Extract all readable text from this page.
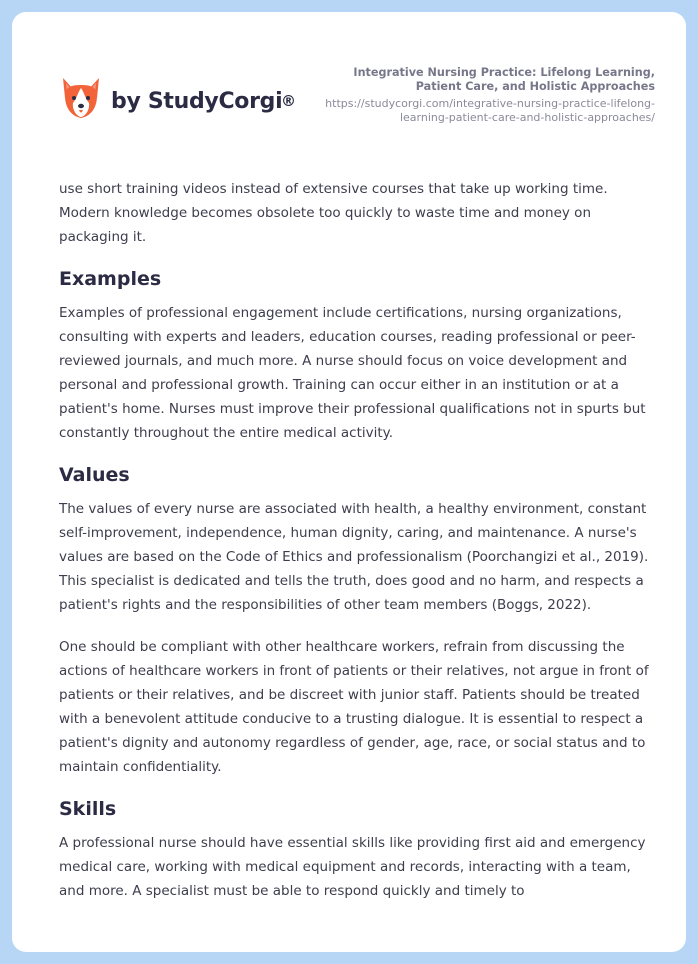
by StudyCorgi
®
Integrative Nursing Practice: Lifelong Learning, Patient Care, and Holistic Approaches
https://studycorgi.com/integrative-nursing-practice-lifelong-learning-patient-care-and-holistic-approaches/

use short training videos instead of extensive courses that take up working time. Modern knowledge becomes obsolete too quickly to waste time and money on packaging it.

Examples

Examples of professional engagement include certifications, nursing organizations, consulting with experts and leaders, education courses, reading professional or peer-reviewed journals, and much more. A nurse should focus on voice development and personal and professional growth. Training can occur either in an institution or at a patient's home. Nurses must improve their professional qualifications not in spurts but constantly throughout the entire medical activity.

Values

The values of every nurse are associated with health, a healthy environment, constant self-improvement, independence, human dignity, caring, and maintenance. A nurse's values are based on the Code of Ethics and professionalism (Poorchangizi et al., 2019). This specialist is dedicated and tells the truth, does good and no harm, and respects a patient's rights and the responsibilities of other team members (Boggs, 2022).

One should be compliant with other healthcare workers, refrain from discussing the actions of healthcare workers in front of patients or their relatives, not argue in front of patients or their relatives, and be discreet with junior staff. Patients should be treated with a benevolent attitude conducive to a trusting dialogue. It is essential to respect a patient's dignity and autonomy regardless of gender, age, race, or social status and to maintain confidentiality.

Skills

A professional nurse should have essential skills like providing first aid and emergency medical care, working with medical equipment and records, interacting with a team, and more. A specialist must be able to respond quickly and timely to
